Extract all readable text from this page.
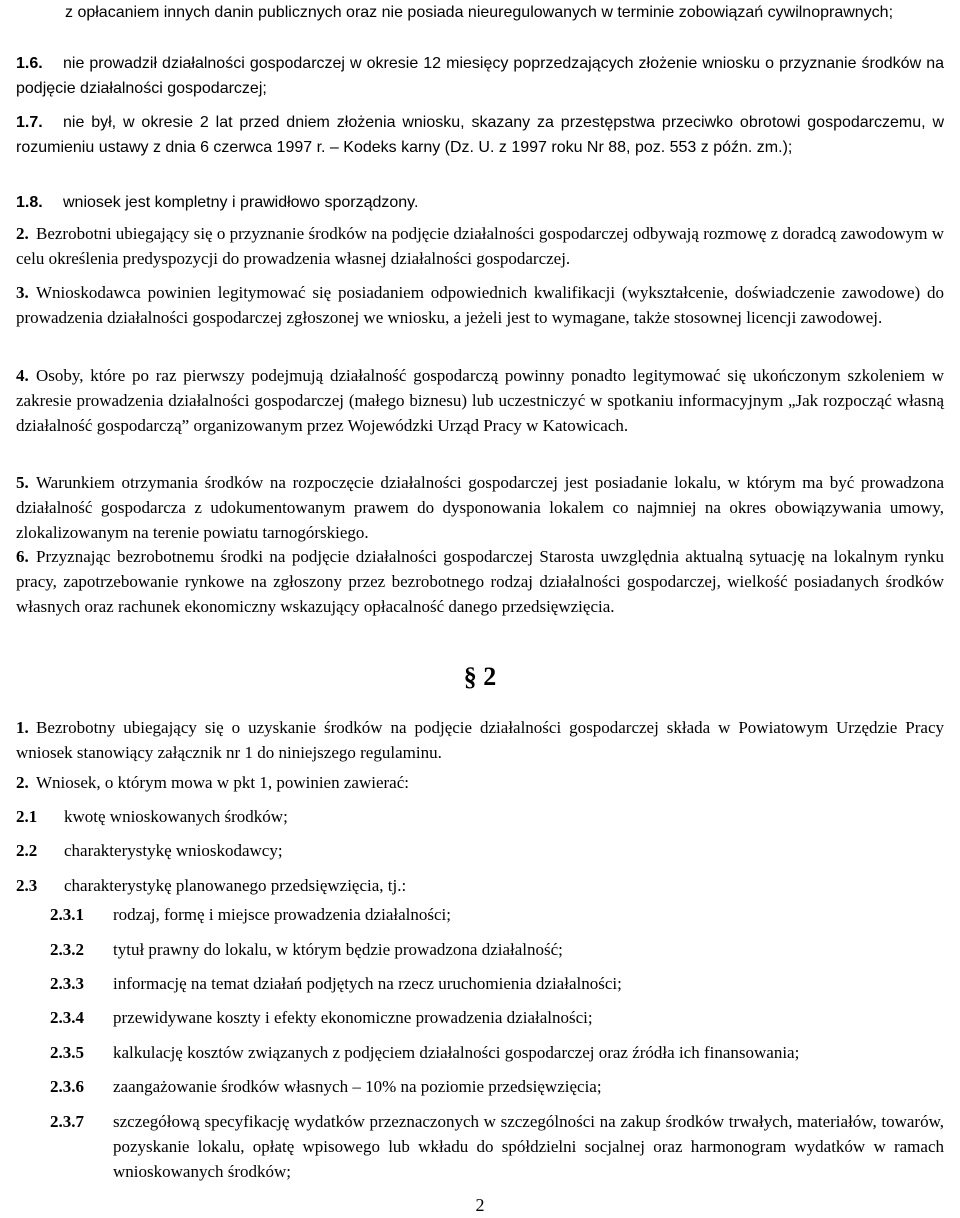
z opłacaniem innych danin publicznych oraz nie posiada nieuregulowanych w terminie zobowiązań cywilnoprawnych;
1.6.	nie prowadził działalności gospodarczej w okresie 12 miesięcy poprzedzających złożenie wniosku o przyznanie środków na podjęcie działalności gospodarczej;
1.7.	nie był, w okresie 2 lat przed dniem złożenia wniosku, skazany za przestępstwa przeciwko obrotowi gospodarczemu, w rozumieniu ustawy z dnia 6 czerwca 1997 r. – Kodeks karny (Dz. U. z 1997 roku Nr 88, poz. 553 z późn. zm.);
1.8.	wniosek jest kompletny i prawidłowo sporządzony.
2. Bezrobotni ubiegający się o przyznanie środków na podjęcie działalności gospodarczej odbywają rozmowę z doradcą zawodowym w celu określenia predyspozycji do prowadzenia własnej działalności gospodarczej.
3. Wnioskodawca powinien legitymować się posiadaniem odpowiednich kwalifikacji (wykształcenie, doświadczenie zawodowe) do prowadzenia działalności gospodarczej zgłoszonej we wniosku, a jeżeli jest to wymagane, także stosownej licencji zawodowej.
4. Osoby, które po raz pierwszy podejmują działalność gospodarczą powinny ponadto legitymować się ukończonym szkoleniem w zakresie prowadzenia działalności gospodarczej (małego biznesu) lub uczestniczyć w spotkaniu informacyjnym „Jak rozpocząć własną działalność gospodarczą” organizowanym przez Wojewódzki Urząd Pracy w Katowicach.
5. Warunkiem otrzymania środków na rozpoczęcie działalności gospodarczej jest posiadanie lokalu, w którym ma być prowadzona działalność gospodarcza z udokumentowanym prawem do dysponowania lokalem co najmniej na okres obowiązywania umowy, zlokalizowanym na terenie powiatu tarnogórskiego.
6. Przyznając bezrobotnemu środki na podjęcie działalności gospodarczej Starosta uwzględnia aktualną sytuację na lokalnym rynku pracy, zapotrzebowanie rynkowe na zgłoszony przez bezrobotnego rodzaj działalności gospodarczej, wielkość posiadanych środków własnych oraz rachunek ekonomiczny wskazujący opłacalność danego przedsięwzięcia.
§ 2
1. Bezrobotny ubiegający się o uzyskanie środków na podjęcie działalności gospodarczej składa w Powiatowym Urzędzie Pracy wniosek stanowiący załącznik nr 1 do niniejszego regulaminu.
2. Wniosek, o którym mowa w pkt 1, powinien zawierać:
2.1	kwotę wnioskowanych środków;
2.2	charakterystykę wnioskodawcy;
2.3	charakterystykę planowanego przedsięwzięcia, tj.:
2.3.1	rodzaj, formę i miejsce prowadzenia działalności;
2.3.2	tytuł prawny do lokalu, w którym będzie prowadzona działalność;
2.3.3	informację na temat działań podjętych na rzecz uruchomienia działalności;
2.3.4	przewidywane koszty i efekty ekonomiczne prowadzenia działalności;
2.3.5	kalkulację kosztów związanych z podjęciem działalności gospodarczej oraz źródła ich finansowania;
2.3.6	zaangażowanie środków własnych – 10% na poziomie przedsięwzięcia;
2.3.7	szczegółową specyfikację wydatków przeznaczonych w szczególności na zakup środków trwałych, materiałów, towarów, pozyskanie lokalu, opłatę wpisowego lub wkładu do spółdzielni socjalnej oraz harmonogram wydatków w ramach wnioskowanych środków;
2
